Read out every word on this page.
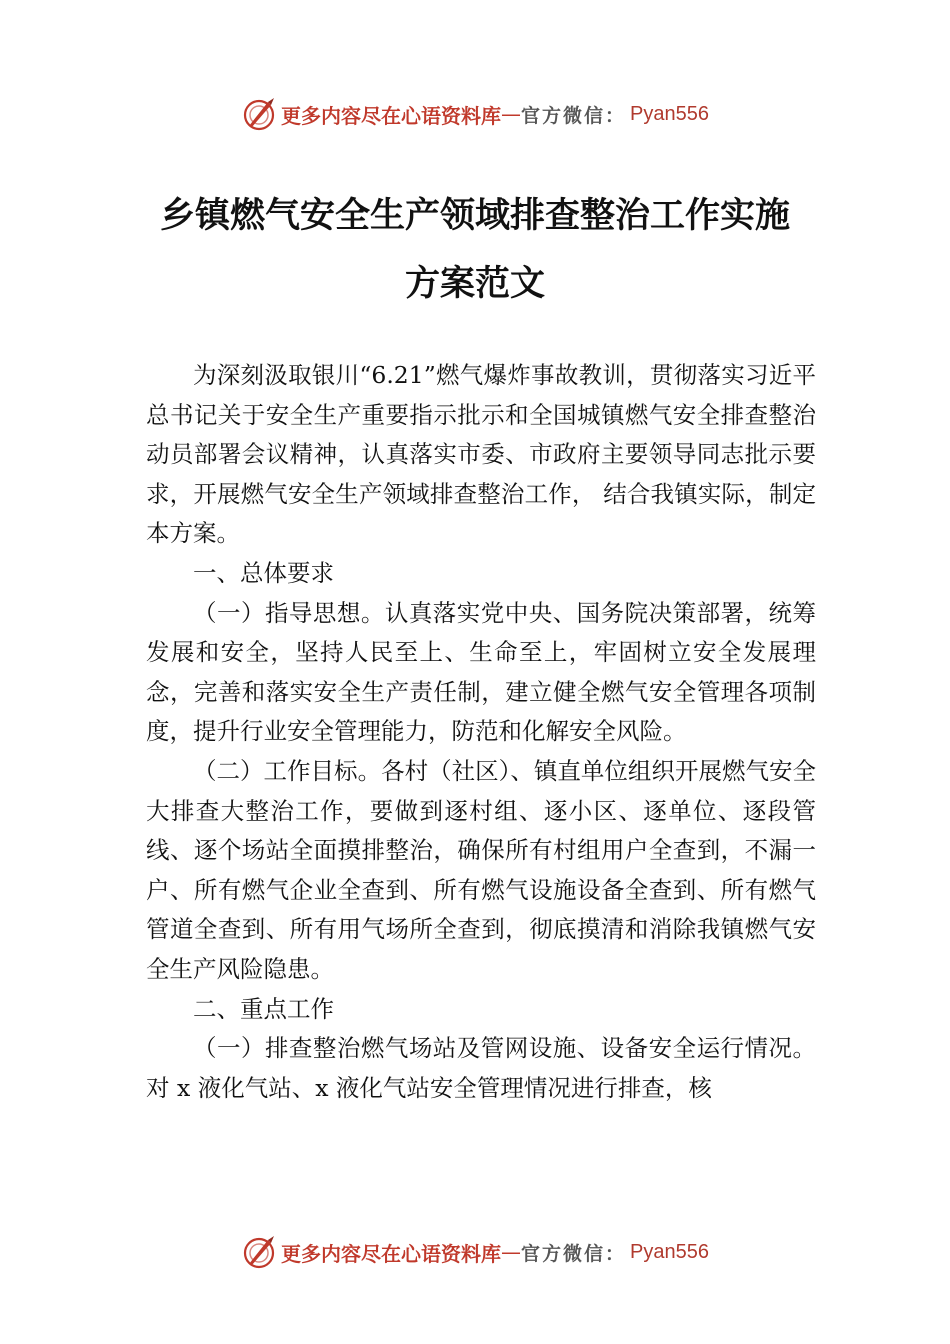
更多内容尽在心语资料库 — 官方微信： Pyan556
乡镇燃气安全生产领域排查整治工作实施
方案范文

为深刻汲取银川“6.21”燃气爆炸事故教训，贯彻落实习近平总书记关于安全生产重要指示批示和全国城镇燃气安全排查整治动员部署会议精神，认真落实市委、市政府主要领导同志批示要求，开展燃气安全生产领域排查整治工作， 结合我镇实际，制定本方案。

一、总体要求

（一）指导思想。认真落实党中央、国务院决策部署，统筹发展和安全，坚持人民至上、生命至上，牢固树立安全发展理念，完善和落实安全生产责任制，建立健全燃气安全管理各项制度，提升行业安全管理能力，防范和化解安全风险。

（二）工作目标。各村（社区）、镇直单位组织开展燃气安全大排查大整治工作，要做到逐村组、逐小区、逐单位、逐段管线、逐个场站全面摸排整治，确保所有村组用户全查到，不漏一户、所有燃气企业全查到、所有燃气设施设备全查到、所有燃气管道全查到、所有用气场所全查到，彻底摸清和消除我镇燃气安全生产风险隐患。

二、重点工作

（一）排查整治燃气场站及管网设施、设备安全运行情况。对 x 液化气站、x 液化气站安全管理情况进行排查，核

更多内容尽在心语资料库 — 官方微信： Pyan556
